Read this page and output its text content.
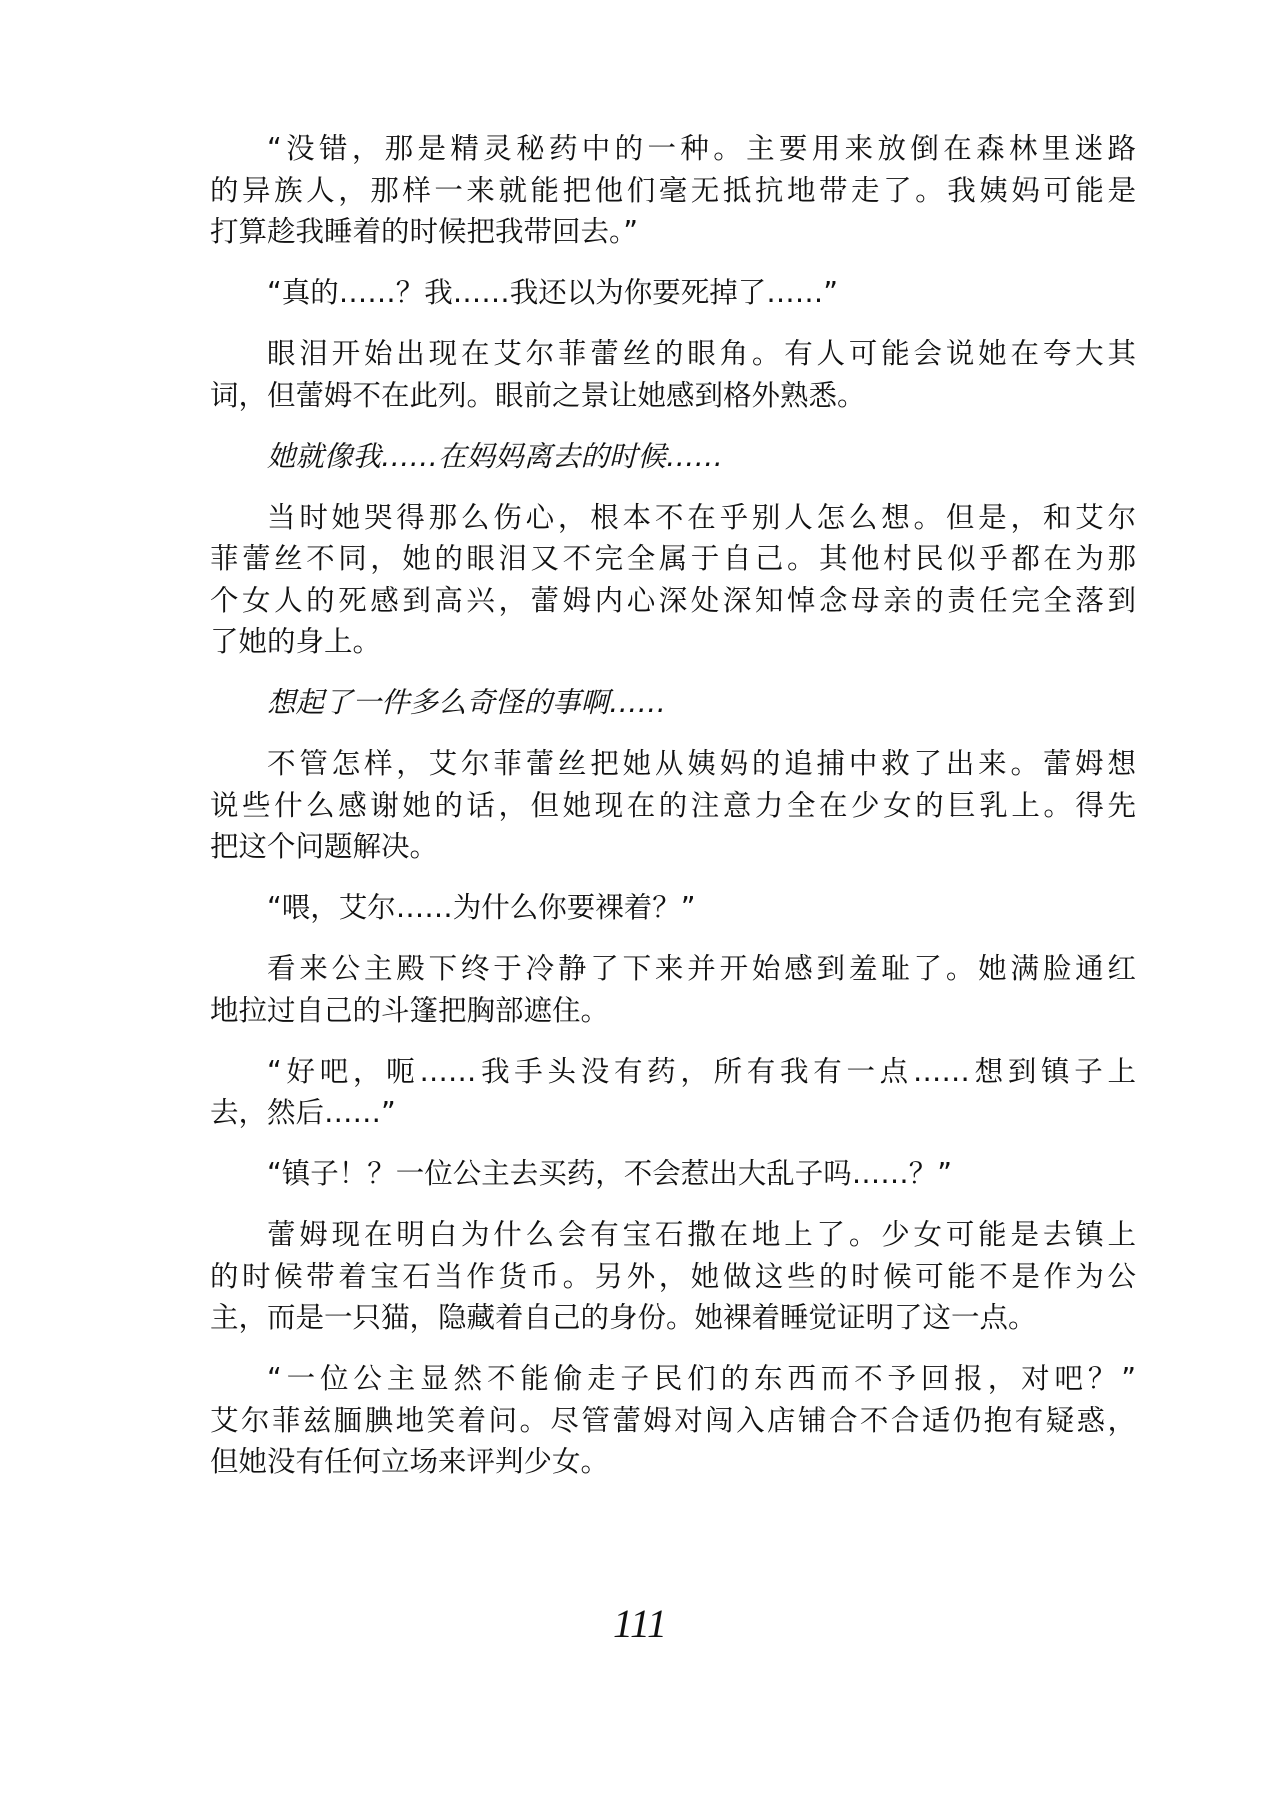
“没错，那是精灵秘药中的一种。主要用来放倒在森林里迷路
的异族人，那样一来就能把他们毫无抵抗地带走了。我姨妈可能是
打算趁我睡着的时候把我带回去。”
“真的……？我……我还以为你要死掉了……”
眼泪开始出现在艾尔菲蕾丝的眼角。有人可能会说她在夸大其
词，但蕾姆不在此列。眼前之景让她感到格外熟悉。
她就像我……在妈妈离去的时候……
当时她哭得那么伤心，根本不在乎别人怎么想。但是，和艾尔
菲蕾丝不同，她的眼泪又不完全属于自己。其他村民似乎都在为那
个女人的死感到高兴，蕾姆内心深处深知悼念母亲的责任完全落到
了她的身上。
想起了一件多么奇怪的事啊……
不管怎样，艾尔菲蕾丝把她从姨妈的追捕中救了出来。蕾姆想
说些什么感谢她的话，但她现在的注意力全在少女的巨乳上。得先
把这个问题解决。
“喂，艾尔……为什么你要裸着？”
看来公主殿下终于冷静了下来并开始感到羞耻了。她满脸通红
地拉过自己的斗篷把胸部遮住。
“好吧，呃……我手头没有药，所有我有一点……想到镇子上
去，然后……”
“镇子！？一位公主去买药，不会惹出大乱子吗……？”
蕾姆现在明白为什么会有宝石撒在地上了。少女可能是去镇上
的时候带着宝石当作货币。另外，她做这些的时候可能不是作为公
主，而是一只猫，隐藏着自己的身份。她裸着睡觉证明了这一点。
“一位公主显然不能偷走子民们的东西而不予回报，对吧？”
艾尔菲兹腼腆地笑着问。尽管蕾姆对闯入店铺合不合适仍抱有疑惑，
但她没有任何立场来评判少女。
111
